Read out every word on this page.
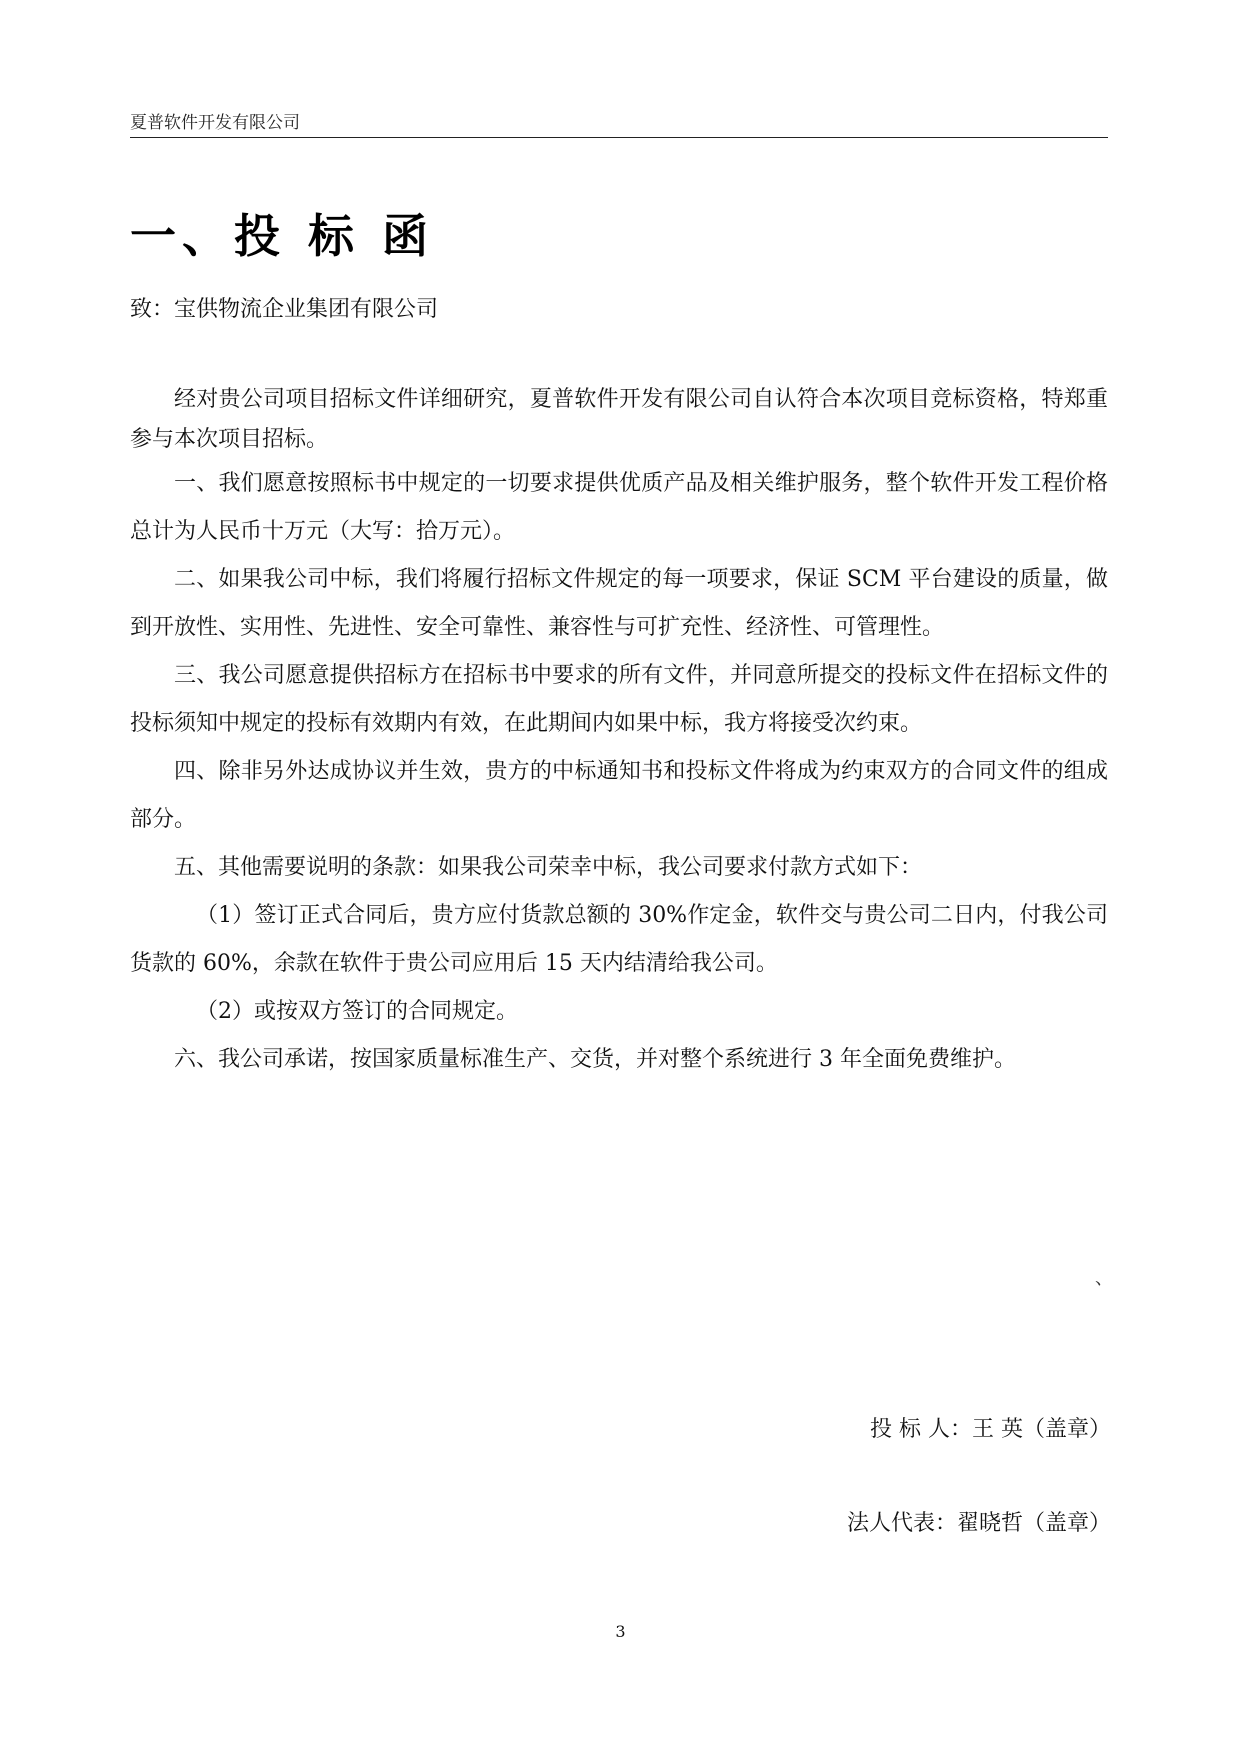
夏普软件开发有限公司
一、投 标 函
致：宝供物流企业集团有限公司

经对贵公司项目招标文件详细研究，夏普软件开发有限公司自认符合本次项目竞标资格，特郑重参与本次项目招标。

一、我们愿意按照标书中规定的一切要求提供优质产品及相关维护服务，整个软件开发工程价格总计为人民币十万元（大写：拾万元）。

二、如果我公司中标，我们将履行招标文件规定的每一项要求，保证 SCM 平台建设的质量，做到开放性、实用性、先进性、安全可靠性、兼容性与可扩充性、经济性、可管理性。

三、我公司愿意提供招标方在招标书中要求的所有文件，并同意所提交的投标文件在招标文件的投标须知中规定的投标有效期内有效，在此期间内如果中标，我方将接受次约束。

四、除非另外达成协议并生效，贵方的中标通知书和投标文件将成为约束双方的合同文件的组成部分。

五、其他需要说明的条款：如果我公司荣幸中标，我公司要求付款方式如下：

（1）签订正式合同后，贵方应付货款总额的 30%作定金，软件交与贵公司二日内，付我公司货款的 60%，余款在软件于贵公司应用后 15 天内结清给我公司。

（2）或按双方签订的合同规定。

六、我公司承诺，按国家质量标准生产、交货，并对整个系统进行 3 年全面免费维护。

、
投 标 人：王 英（盖章）
法人代表：翟晓哲（盖章）
3
